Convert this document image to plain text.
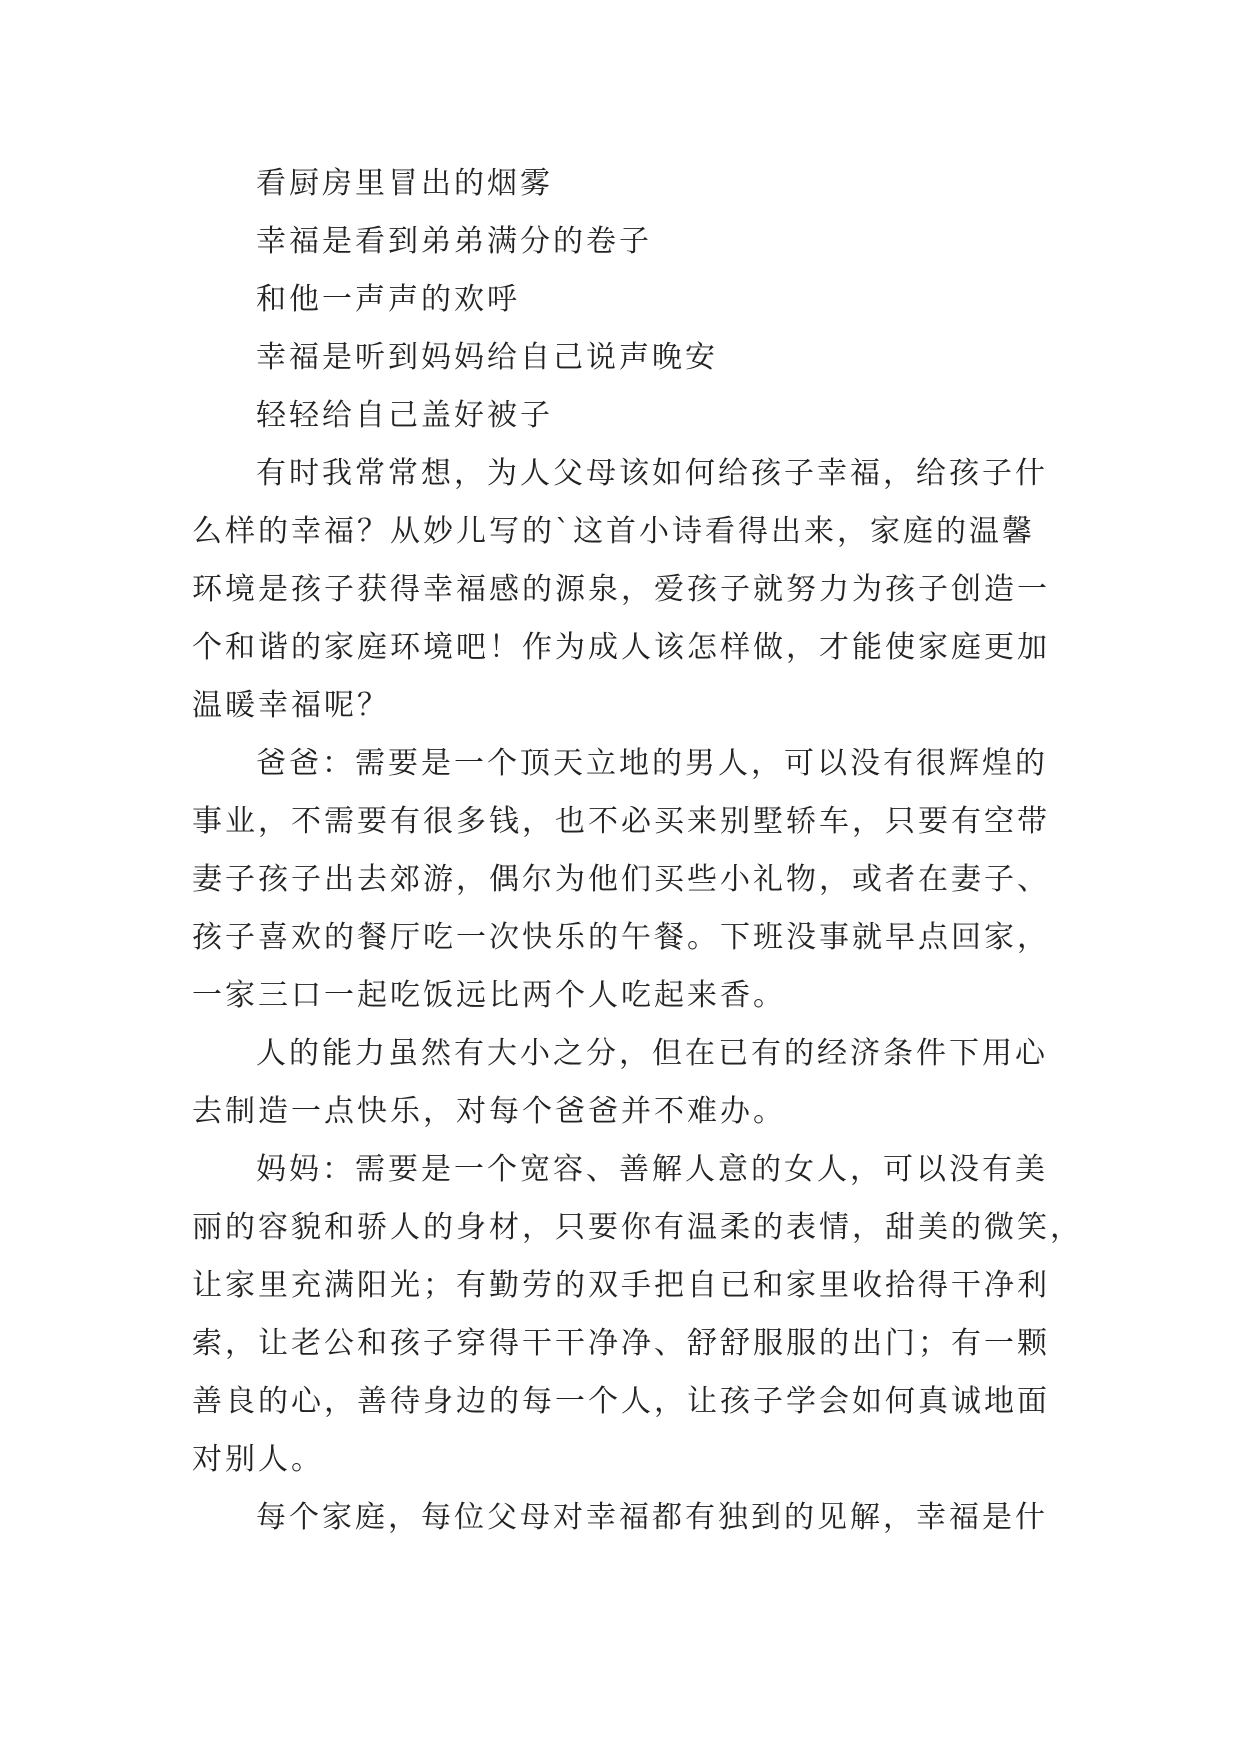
看厨房里冒出的烟雾
幸福是看到弟弟满分的卷子
和他一声声的欢呼
幸福是听到妈妈给自己说声晚安
轻轻给自己盖好被子
有时我常常想，为人父母该如何给孩子幸福，给孩子什
么样的幸福？从妙儿写的`这首小诗看得出来，家庭的温馨
环境是孩子获得幸福感的源泉，爱孩子就努力为孩子创造一
个和谐的家庭环境吧！作为成人该怎样做，才能使家庭更加
温暖幸福呢？
爸爸：需要是一个顶天立地的男人，可以没有很辉煌的
事业，不需要有很多钱，也不必买来别墅轿车，只要有空带
妻子孩子出去郊游，偶尔为他们买些小礼物，或者在妻子、
孩子喜欢的餐厅吃一次快乐的午餐。下班没事就早点回家，
一家三口一起吃饭远比两个人吃起来香。
人的能力虽然有大小之分，但在已有的经济条件下用心
去制造一点快乐，对每个爸爸并不难办。
妈妈：需要是一个宽容、善解人意的女人，可以没有美
丽的容貌和骄人的身材，只要你有温柔的表情，甜美的微笑，
让家里充满阳光；有勤劳的双手把自已和家里收拾得干净利
索，让老公和孩子穿得干干净净、舒舒服服的出门；有一颗
善良的心，善待身边的每一个人，让孩子学会如何真诚地面
对别人。
每个家庭，每位父母对幸福都有独到的见解，幸福是什
